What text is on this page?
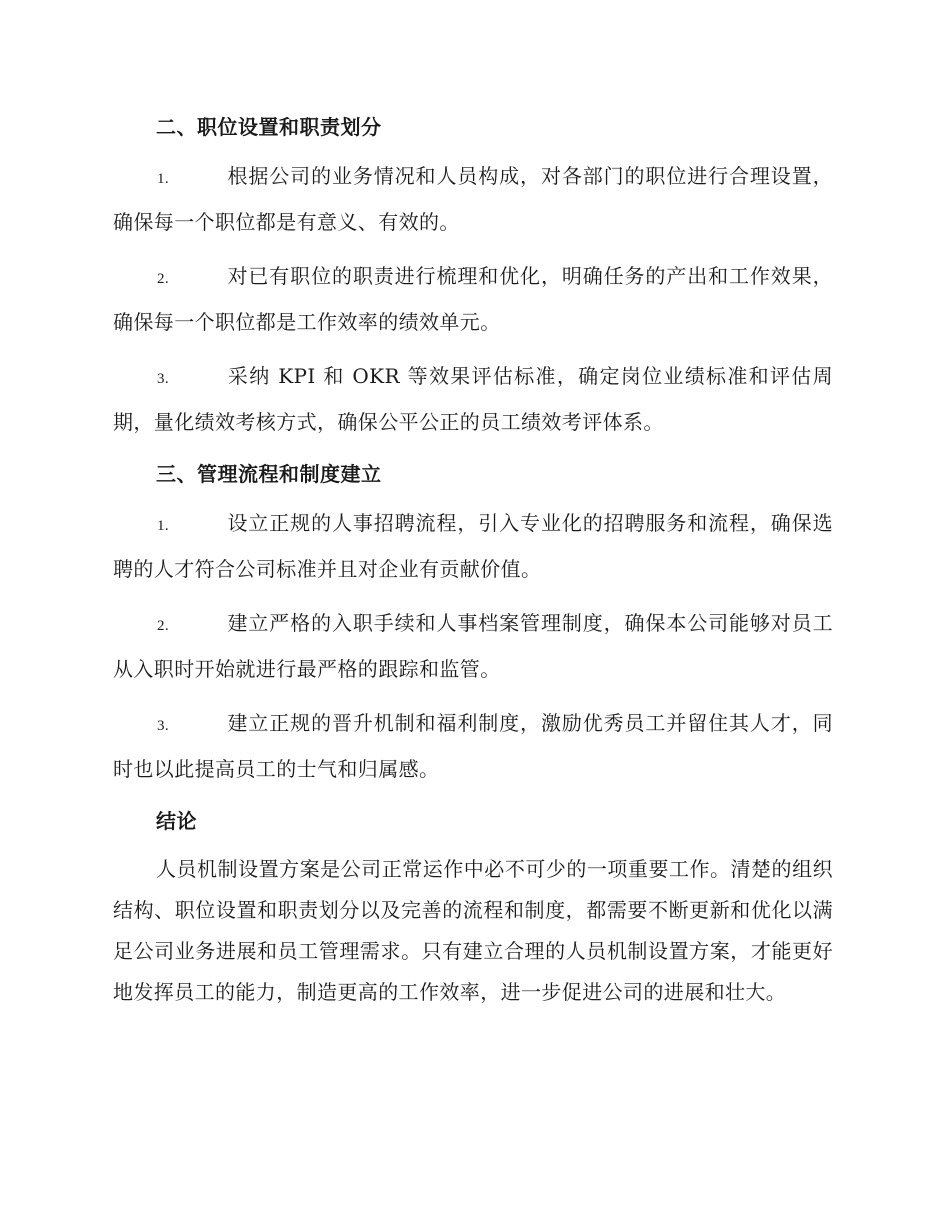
二、职位设置和职责划分
1.	根据公司的业务情况和人员构成，对各部门的职位进行合理设置，确保每一个职位都是有意义、有效的。
2.	对已有职位的职责进行梳理和优化，明确任务的产出和工作效果，确保每一个职位都是工作效率的绩效单元。
3.	采纳 KPI 和 OKR 等效果评估标准，确定岗位业绩标准和评估周期，量化绩效考核方式，确保公平公正的员工绩效考评体系。
三、管理流程和制度建立
1.	设立正规的人事招聘流程，引入专业化的招聘服务和流程，确保选聘的人才符合公司标准并且对企业有贡献价值。
2.	建立严格的入职手续和人事档案管理制度，确保本公司能够对员工从入职时开始就进行最严格的跟踪和监管。
3.	建立正规的晋升机制和福利制度，激励优秀员工并留住其人才，同时也以此提高员工的士气和归属感。
结论

人员机制设置方案是公司正常运作中必不可少的一项重要工作。清楚的组织结构、职位设置和职责划分以及完善的流程和制度，都需要不断更新和优化以满足公司业务进展和员工管理需求。只有建立合理的人员机制设置方案，才能更好地发挥员工的能力，制造更高的工作效率，进一步促进公司的进展和壮大。
